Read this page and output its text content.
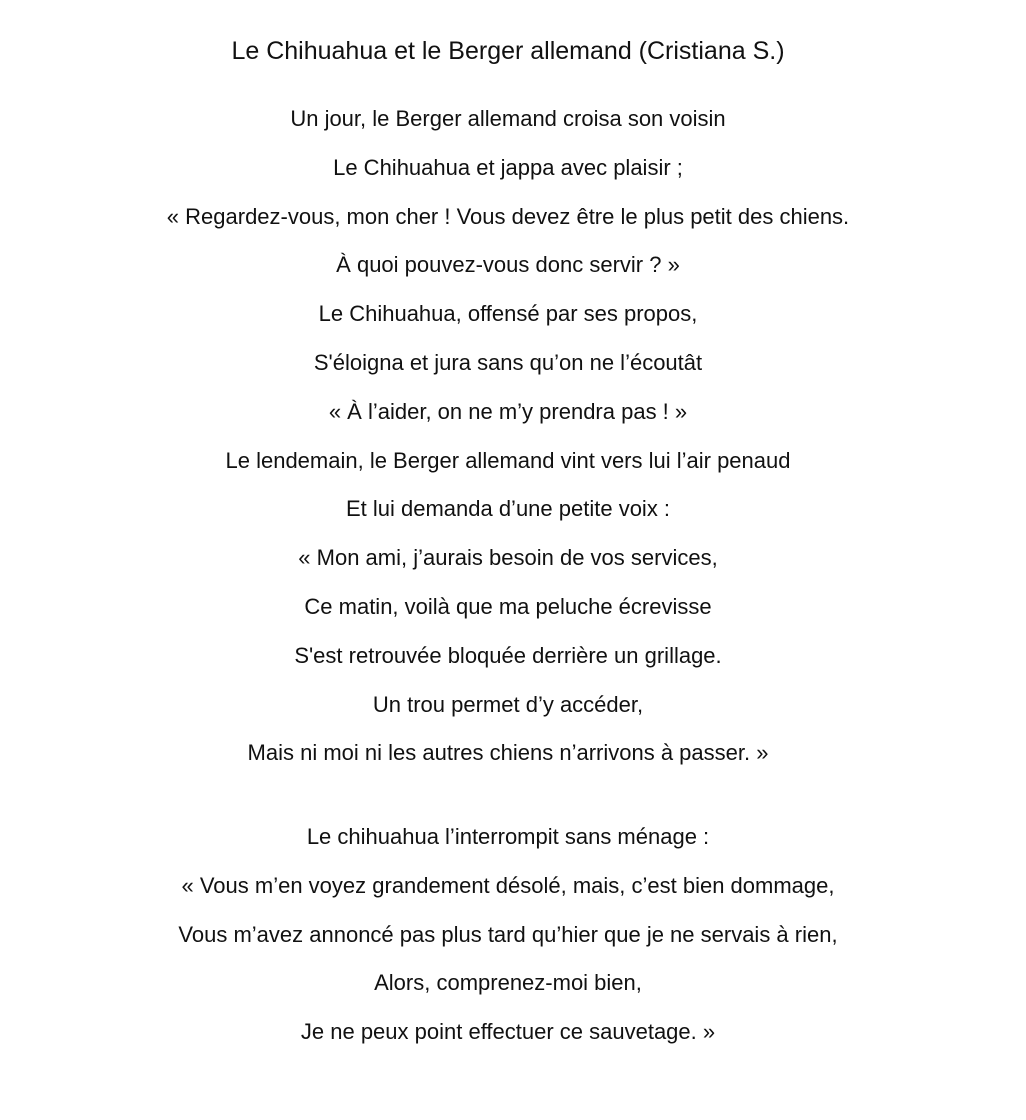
Le Chihuahua et le Berger allemand (Cristiana S.)
Un jour, le Berger allemand croisa son voisin
Le Chihuahua et jappa avec plaisir ;
« Regardez-vous, mon cher ! Vous devez être le plus petit des chiens.
À quoi pouvez-vous donc servir ? »
Le Chihuahua, offensé par ses propos,
S'éloigna et jura sans qu’on ne l’écoutât
« À l’aider, on ne m’y prendra pas ! »
Le lendemain, le Berger allemand vint vers lui l’air penaud
Et lui demanda d’une petite voix :
« Mon ami, j’aurais besoin de vos services,
Ce matin, voilà que ma peluche écrevisse
S'est retrouvée bloquée derrière un grillage.
Un trou permet d’y accéder,
Mais ni moi ni les autres chiens n’arrivons à passer. »
Le chihuahua l’interrompit sans ménage :
« Vous m’en voyez grandement désolé, mais, c’est bien dommage,
Vous m’avez annoncé pas plus tard qu’hier que je ne servais à rien,
Alors, comprenez-moi bien,
Je ne peux point effectuer ce sauvetage. »
